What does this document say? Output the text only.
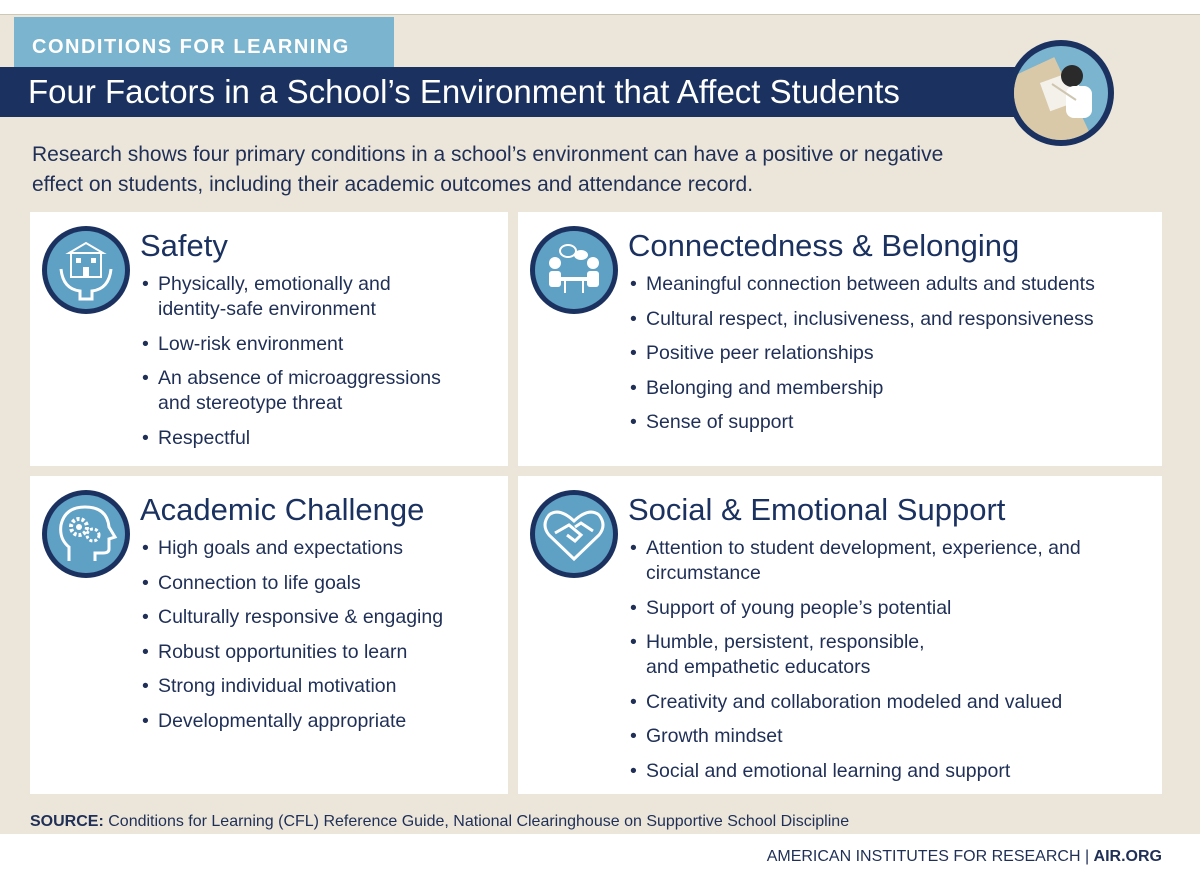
CONDITIONS FOR LEARNING
Four Factors in a School’s Environment that Affect Students
Research shows four primary conditions in a school’s environment can have a positive or negative effect on students, including their academic outcomes and attendance record.
Safety
• Physically, emotionally and identity-safe environment
• Low-risk environment
• An absence of microaggressions and stereotype threat
• Respectful
Connectedness & Belonging
• Meaningful connection between adults and students
• Cultural respect, inclusiveness, and responsiveness
• Positive peer relationships
• Belonging and membership
• Sense of support
Academic Challenge
• High goals and expectations
• Connection to life goals
• Culturally responsive & engaging
• Robust opportunities to learn
• Strong individual motivation
• Developmentally appropriate
Social & Emotional Support
• Attention to student development, experience, and circumstance
• Support of young people’s potential
• Humble, persistent, responsible, and empathetic educators
• Creativity and collaboration modeled and valued
• Growth mindset
• Social and emotional learning and support
SOURCE: Conditions for Learning (CFL) Reference Guide, National Clearinghouse on Supportive School Discipline
AMERICAN INSTITUTES FOR RESEARCH | AIR.ORG
